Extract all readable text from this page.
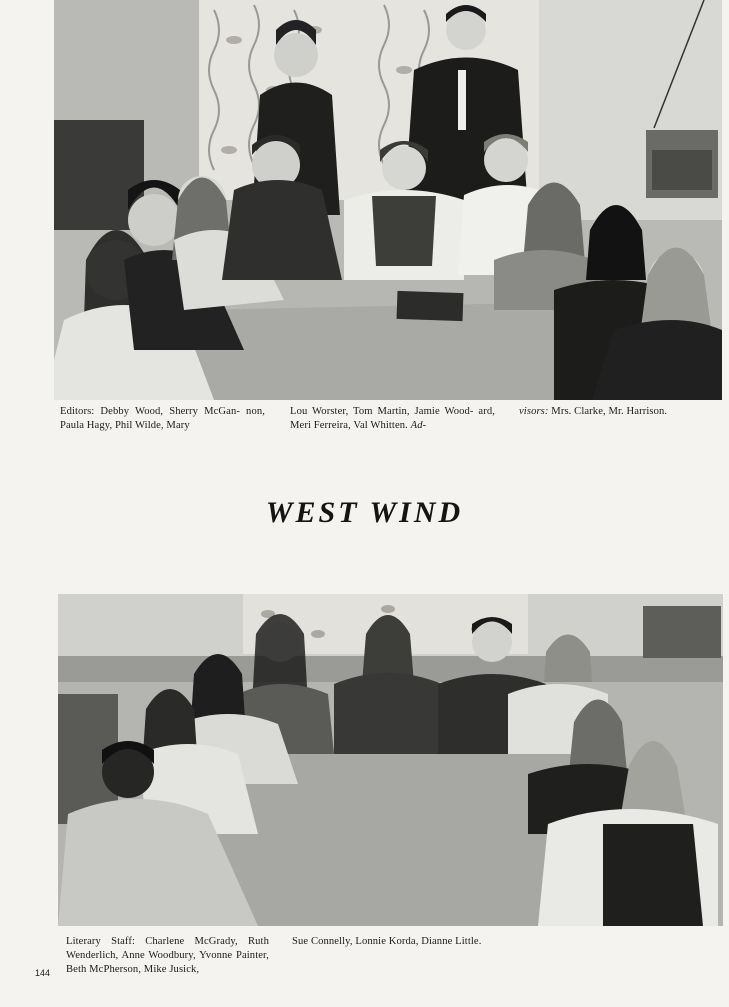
Editors: Debby Wood, Sherry McGan- non, Paula Hagy, Phil Wilde, Mary
Lou Worster, Tom Martin, Jamie Wood- ard, Meri Ferreira, Val Whitten. Ad-
visors: Mrs. Clarke, Mr. Harrison.
WEST WIND
Literary Staff: Charlene McGrady, Ruth Wenderlich, Anne Woodbury, Yvonne Painter, Beth McPherson, Mike Jusick,
Sue Connelly, Lonnie Korda, Dianne Little.
144
